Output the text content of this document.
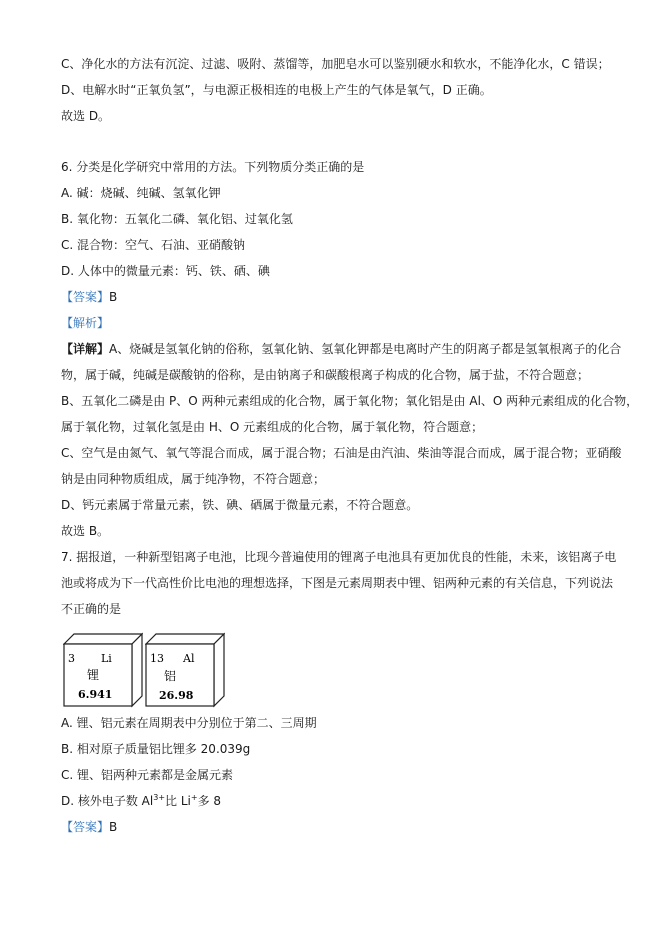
C、净化水的方法有沉淀、过滤、吸附、蒸馏等，加肥皂水可以鉴别硬水和软水，不能净化水，C 错误；
D、电解水时“正氧负氢”，与电源正极相连的电极上产生的气体是氧气，D 正确。
故选 D。
6. 分类是化学研究中常用的方法。下列物质分类正确的是
A. 碱：烧碱、纯碱、氢氧化钾
B. 氧化物：五氧化二磷、氧化铝、过氧化氢
C. 混合物：空气、石油、亚硝酸钠
D. 人体中的微量元素：钙、铁、硒、碘
【答案】B
【解析】
【详解】A、烧碱是氢氧化钠的俗称，氢氧化钠、氢氧化钾都是电离时产生的阴离子都是氢氧根离子的化合
物，属于碱，纯碱是碳酸钠的俗称，是由钠离子和碳酸根离子构成的化合物，属于盐，不符合题意；
B、五氧化二磷是由 P、O 两种元素组成的化合物，属于氧化物；氧化铝是由 Al、O 两种元素组成的化合物，
属于氧化物，过氧化氢是由 H、O 元素组成的化合物，属于氧化物，符合题意；
C、空气是由氮气、氧气等混合而成，属于混合物；石油是由汽油、柴油等混合而成，属于混合物；亚硝酸
钠是由同种物质组成，属于纯净物，不符合题意；
D、钙元素属于常量元素，铁、碘、硒属于微量元素，不符合题意。
故选 B。
7. 据报道，一种新型铝离子电池，比现今普遍使用的锂离子电池具有更加优良的性能，未来，该铝离子电
池或将成为下一代高性价比电池的理想选择，下图是元素周期表中锂、铝两种元素的有关信息，下列说法
不正确的是
3 Li
锂
6.941
13 Al
铝
26.98
A. 锂、铝元素在周期表中分别位于第二、三周期
B. 相对原子质量铝比锂多 20.039g
C. 锂、铝两种元素都是金属元素
D. 核外电子数 $Al^{3+}$比 Li+多 8
【答案】B
